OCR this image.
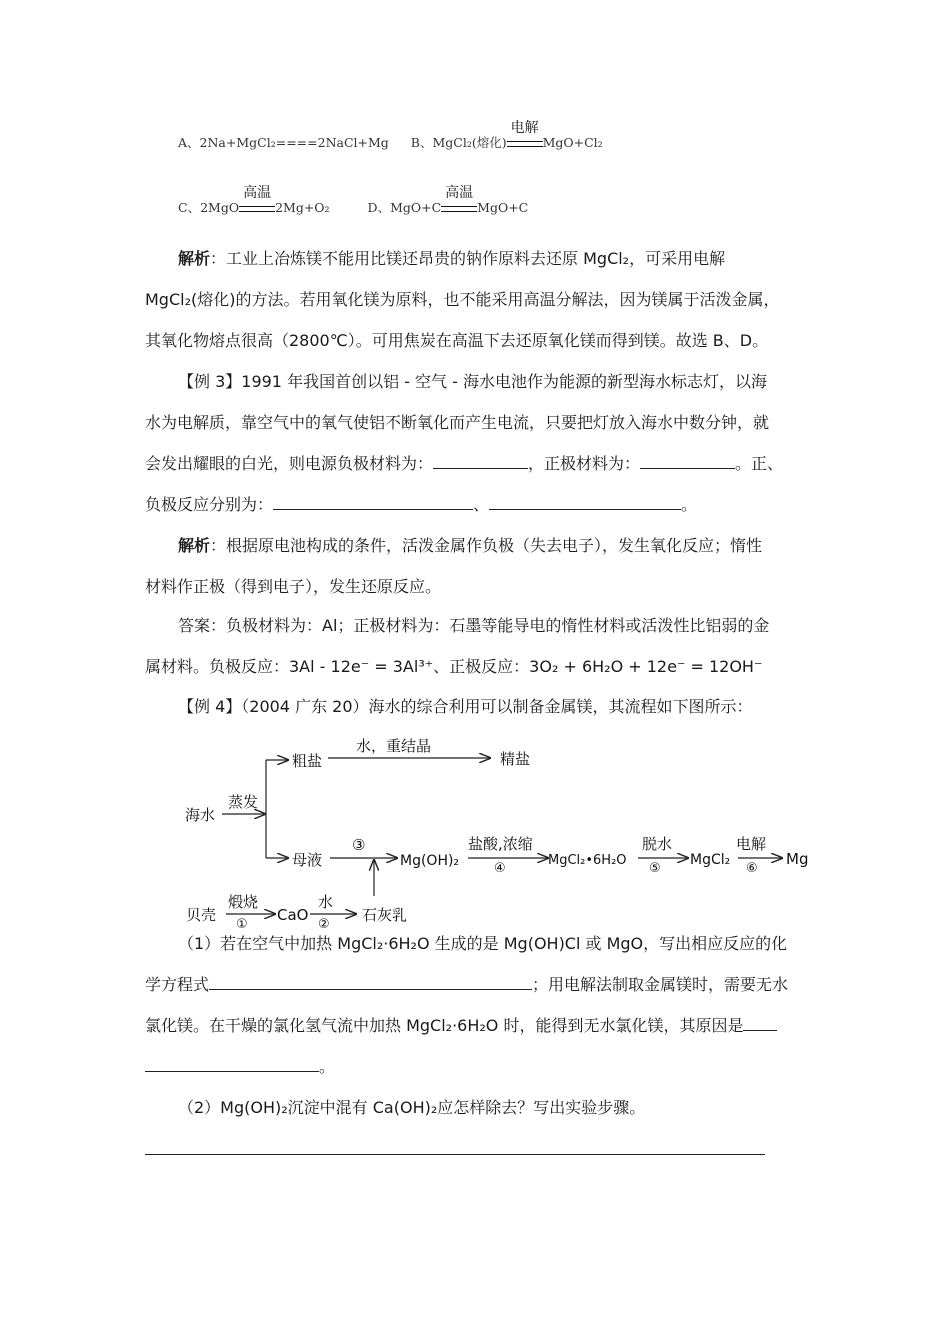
A、2Na+MgCl₂====2NaCl+Mg B、MgCl₂(熔化)
电解
MgO+Cl₂
C、2MgO
高温
2Mg+O₂	D、MgO+C
高温
MgO+C
解析：工业上冶炼镁不能用比镁还昂贵的钠作原料去还原 MgCl₂，可采用电解
MgCl₂(熔化)的方法。若用氧化镁为原料，也不能采用高温分解法，因为镁属于活泼金属，
其氧化物熔点很高（2800℃）。可用焦炭在高温下去还原氧化镁而得到镁。故选 B、D。
【例 3】1991 年我国首创以铝 - 空气 - 海水电池作为能源的新型海水标志灯，以海
水为电解质，靠空气中的氧气使铝不断氧化而产生电流，只要把灯放入海水中数分钟，就
会发出耀眼的白光，则电源负极材料为：	，正极材料为：	。正、
负极反应分别为：	、	。
解析：根据原电池构成的条件，活泼金属作负极（失去电子），发生氧化反应；惰性
材料作正极（得到电子），发生还原反应。
答案：负极材料为：Al；正极材料为：石墨等能导电的惰性材料或活泼性比铝弱的金
属材料。负极反应：3Al - 12e⁻ = 3Al³⁺、正极反应：3O₂ + 6H₂O + 12e⁻ = 12OH⁻
【例 4】（2004 广东 20）海水的综合利用可以制备金属镁，其流程如下图所示：
海水
蒸发
粗盐
水，重结晶
精盐
母液
③
Mg(OH)₂
盐酸,浓缩
④
MgCl₂•6H₂O
脱水
⑤
MgCl₂
电解
⑥
Mg
贝壳
煅烧
①
CaO
水
②
石灰乳
（1）若在空气中加热 MgCl₂·6H₂O 生成的是 Mg(OH)Cl 或 MgO，写出相应反应的化
学方程式	；用电解法制取金属镁时，需要无水
氯化镁。在干燥的氯化氢气流中加热 MgCl₂·6H₂O 时，能得到无水氯化镁，其原因是
。
（2）Mg(OH)₂沉淀中混有 Ca(OH)₂应怎样除去？写出实验步骤。
